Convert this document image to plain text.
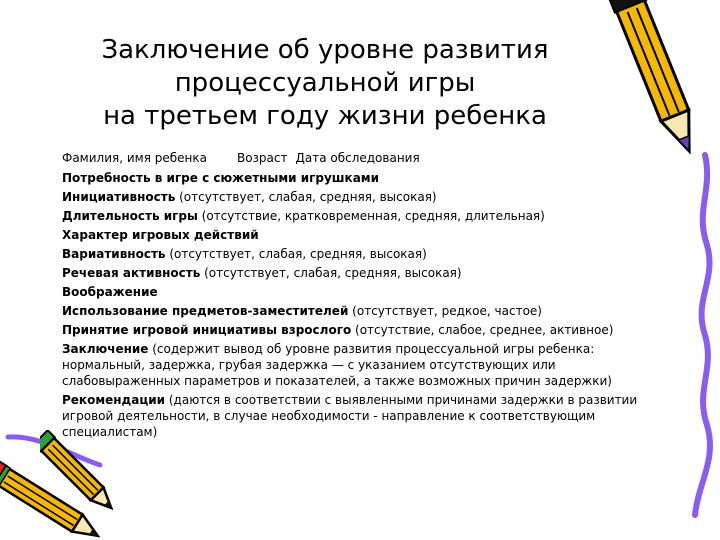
Заключение об уровне развития
процессуальной игры
на третьем году жизни ребенка
Фамилия, имя ребенка	Возраст Дата обследования
Потребность в игре с сюжетными игрушками
Инициативность (отсутствует, слабая, средняя, высокая)
Длительность игры (отсутствие, кратковременная, средняя, длительная)
Характер игровых действий
Вариативность (отсутствует, слабая, средняя, высокая)
Речевая активность (отсутствует, слабая, средняя, высокая)
Воображение
Использование предметов-заместителей (отсутствует, редкое, частое)
Принятие игровой инициативы взрослого (отсутствие, слабое, среднее, активное)
Заключение (содержит вывод об уровне развития процессуальной игры ребенка: нормальный, задержка, грубая задержка — с указанием отсутствующих или слабовыраженных параметров и показателей, а также возможных причин задержки)
Рекомендации (даются в соответствии с выявленными причинами задержки в развитии игровой деятельности, в случае необходимости - направление к соответствующим специалистам)
